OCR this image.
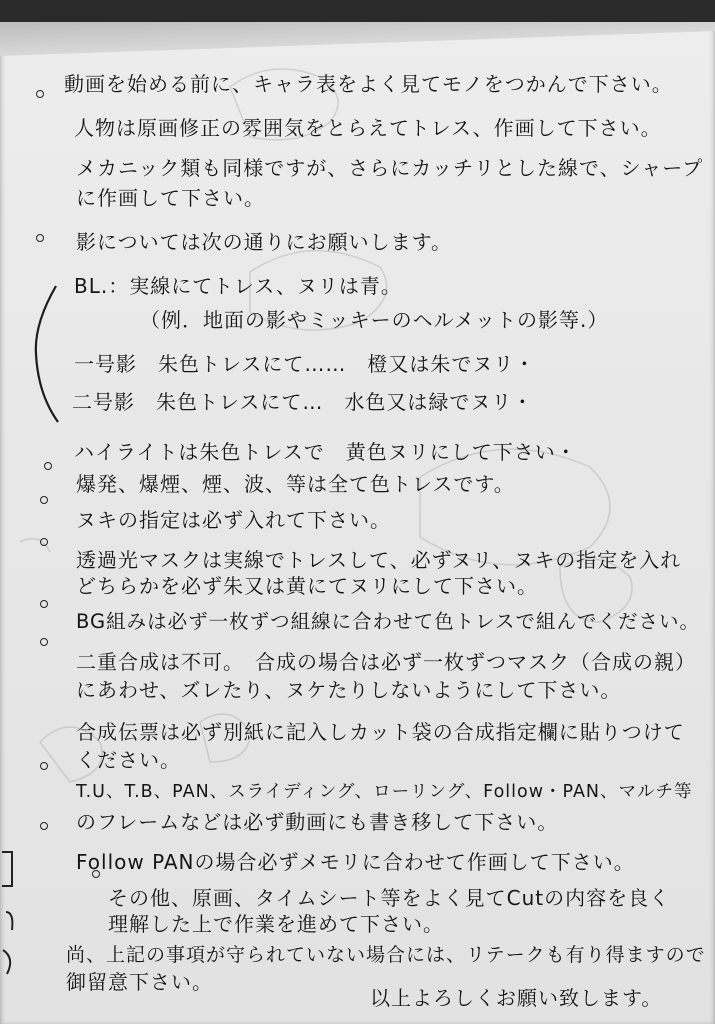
動画を始める前に、キャラ表をよく見てモノをつかんで下さい。
人物は原画修正の雰囲気をとらえてトレス、作画して下さい。
メカニック類も同様ですが、さらにカッチリとした線で、シャープ
に作画して下さい。
影については次の通りにお願いします。
BL.：実線にてトレス、ヌリは青。
（例．地面の影やミッキーのヘルメットの影等.）
一号影　朱色トレスにて……　橙又は朱でヌリ・
二号影　朱色トレスにて…　水色又は緑でヌリ・
ハイライトは朱色トレスで　黄色ヌリにして下さい・
爆発、爆煙、煙、波、等は全て色トレスです。
ヌキの指定は必ず入れて下さい。
透過光マスクは実線でトレスして、必ずヌリ、ヌキの指定を入れ
どちらかを必ず朱又は黄にてヌリにして下さい。
BG組みは必ず一枚ずつ組線に合わせて色トレスで組んでください。
二重合成は不可。　合成の場合は必ず一枚ずつマスク（合成の親）
にあわせ、ズレたり、ヌケたりしないようにして下さい。
合成伝票は必ず別紙に記入しカット袋の合成指定欄に貼りつけて
ください。
T.U、T.B、PAN、スライディング、ローリング、Follow・PAN、マルチ等
のフレームなどは必ず動画にも書き移して下さい。
Follow PANの場合必ずメモリに合わせて作画して下さい。
その他、原画、タイムシート等をよく見てCutの内容を良く
理解した上で作業を進めて下さい。
尚、上記の事項が守られていない場合には、リテークも有り得ますので
御留意下さい。
以上よろしくお願い致します。
